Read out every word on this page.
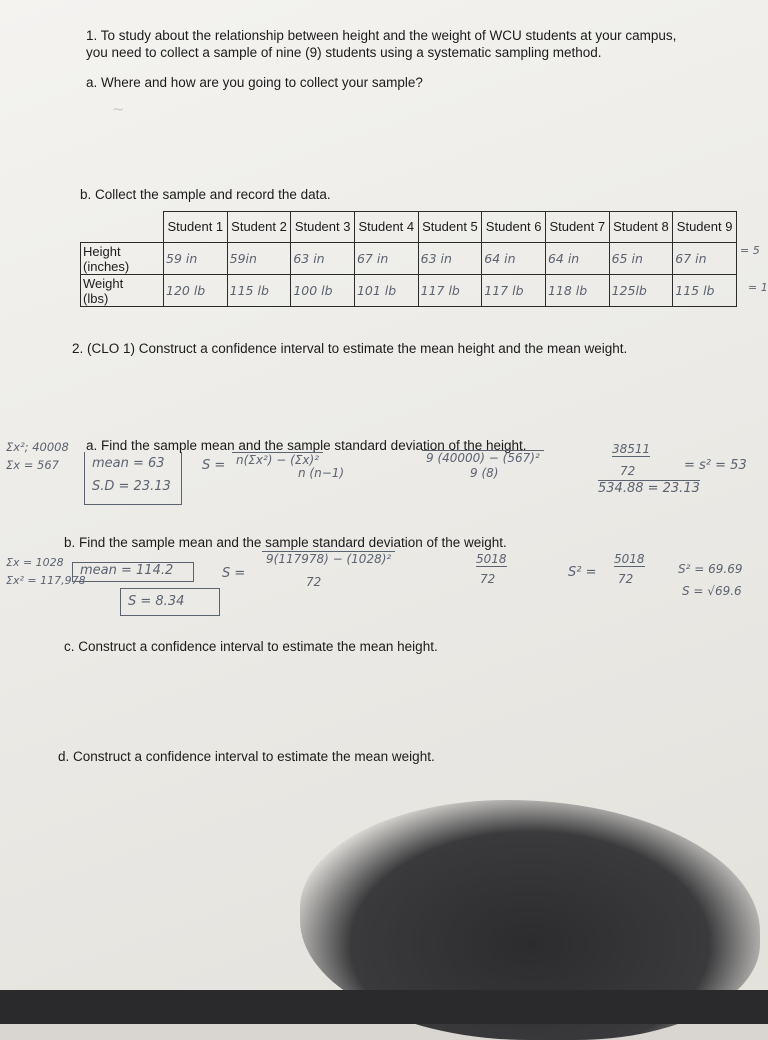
1. To study about the relationship between height and the weight of WCU students at your campus,
you need to collect a sample of nine (9) students using a systematic sampling method.
a. Where and how are you going to collect your sample?
~
b. Collect the sample and record the data.
	Student 1	Student 2	Student 3	Student 4	Student 5	Student 6	Student 7	Student 8	Student 9
Height
(inches)	59 in	59in	63 in	67 in	63 in	64 in	64 in	65 in	67 in
Weight
(lbs)	120 lb	115 lb	100 lb	101 lb	117 lb	117 lb	118 lb	125lb	115 lb
= 5
= 1
2. (CLO 1) Construct a confidence interval to estimate the mean height and the mean weight.
Σx²; 40008
Σx = 567
a. Find the sample mean and the sample standard deviation of the height.
mean = 63	S = n(Σx²) − (Σx)²
n (n−1)
9 (40000) − (567)²
9 (8)
38511
72	= s² = 53
S.D = 23.13	534.88 = 23.13
b. Find the sample mean and the sample standard deviation of the weight.
Σx = 1028
Σx² = 117,978
mean = 114.2	S =
9(117978) − (1028)²
72
5018
72	S² =
5018
72
S² = 69.69
S = √69.6
S = 8.34
c. Construct a confidence interval to estimate the mean height.
d. Construct a confidence interval to estimate the mean weight.
